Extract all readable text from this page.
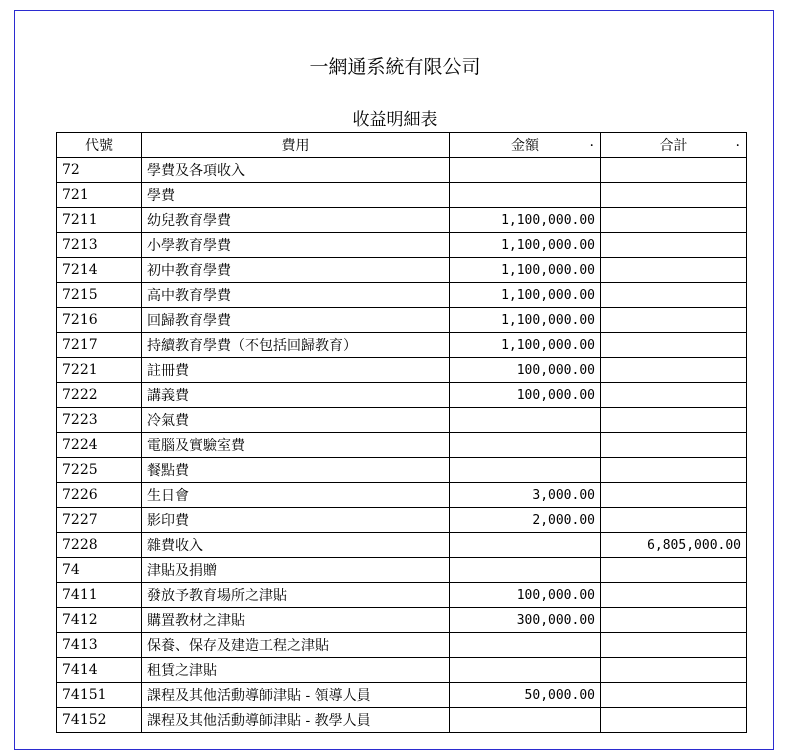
一網通系統有限公司
收益明細表
代號	費用	金額 .	合計 .

72	學費及各項收入		
721	學費		
7211	幼兒教育學費	1,100,000.00	
7213	小學教育學費	1,100,000.00	
7214	初中教育學費	1,100,000.00	
7215	高中教育學費	1,100,000.00	
7216	回歸教育學費	1,100,000.00	
7217	持續教育學費（不包括回歸教育）	1,100,000.00	
7221	註冊費	100,000.00	
7222	講義費	100,000.00	
7223	冷氣費		
7224	電腦及實驗室費		
7225	餐點費		
7226	生日會	3,000.00	
7227	影印費	2,000.00	
7228	雜費收入		6,805,000.00
74	津貼及捐贈		
7411	發放予教育場所之津貼	100,000.00	
7412	購置教材之津貼	300,000.00	
7413	保養、保存及建造工程之津貼		
7414	租賃之津貼		
74151	課程及其他活動導師津貼 - 領導人員	50,000.00	
74152	課程及其他活動導師津貼 - 教學人員		
